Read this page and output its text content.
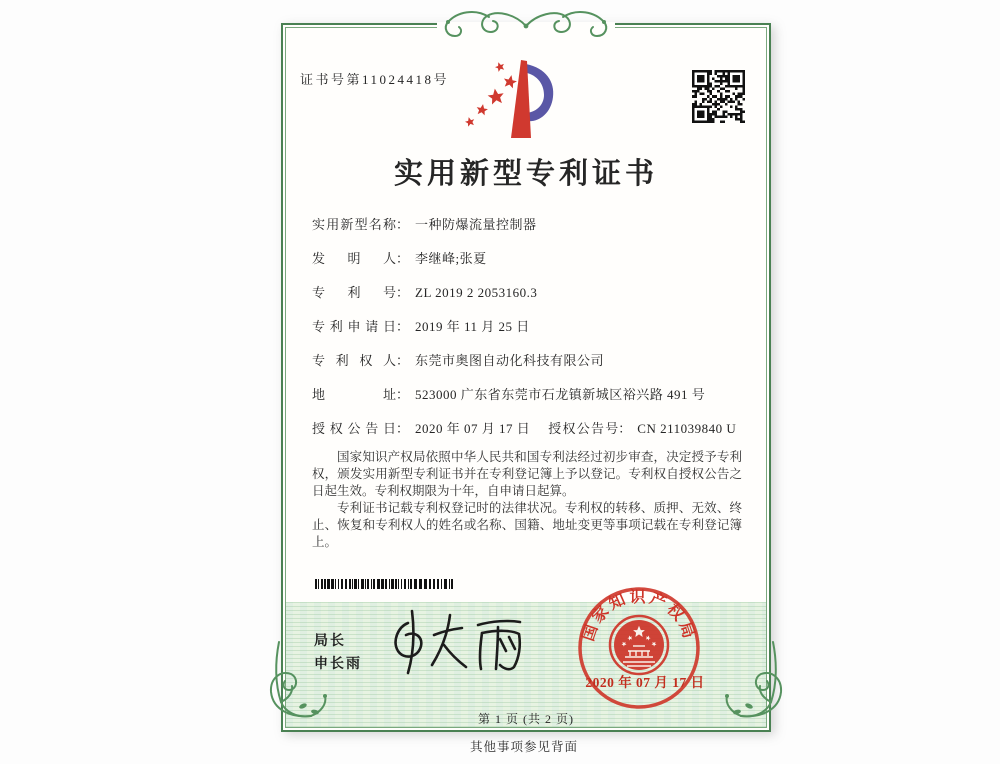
证书号第11024418号
实用新型专利证书
实用新型名称： 一种防爆流量控制器
发明人： 李继峰;张夏
专利号： ZL 2019 2 2053160.3
专利申请日： 2019 年 11 月 25 日
专利权人： 东莞市奥图自动化科技有限公司
地址： 523000 广东省东莞市石龙镇新城区裕兴路 491 号
授权公告日： 2020 年 07 月 17 日 授权公告号： CN 211039840 U

国家知识产权局依照中华人民共和国专利法经过初步审查，决定授予专利权，颁发实用新型专利证书并在专利登记簿上予以登记。专利权自授权公告之日起生效。专利权期限为十年，自申请日起算。

专利证书记载专利权登记时的法律状况。专利权的转移、质押、无效、终止、恢复和专利权人的姓名或名称、国籍、地址变更等事项记载在专利登记簿上。

局长
申长雨
国家知识产权局
2020 年 07 月 17 日
第 1 页 (共 2 页)
其他事项参见背面
